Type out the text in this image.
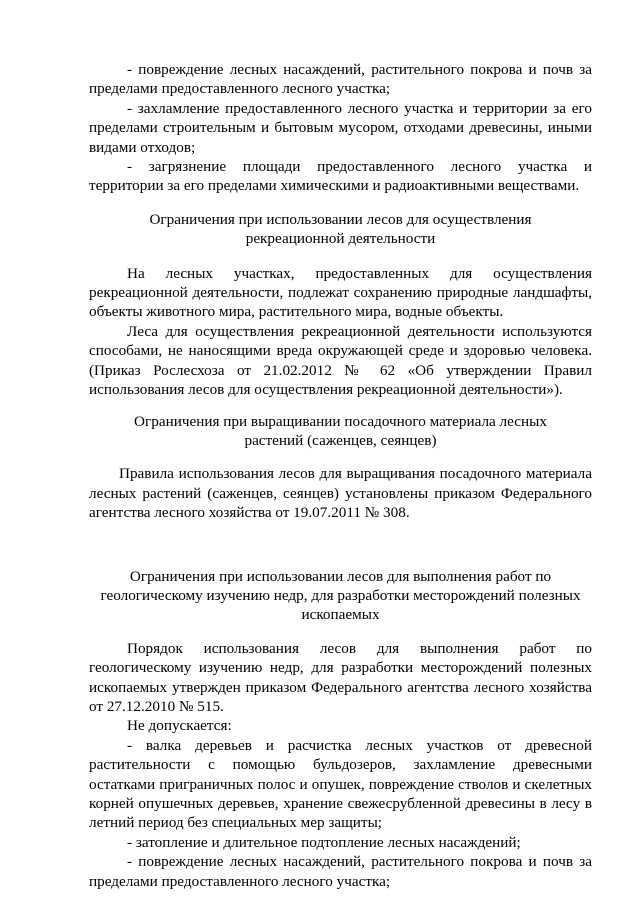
- повреждение лесных насаждений, растительного покрова и почв за пределами предоставленного лесного участка;

- захламление предоставленного лесного участка и территории за его пределами строительным и бытовым мусором, отходами древесины, иными видами отходов;

- загрязнение площади предоставленного лесного участка и территории за его пределами химическими и радиоактивными веществами.

Ограничения при использовании лесов для осуществления

рекреационной деятельности

На лесных участках, предоставленных для осуществления рекреационной деятельности, подлежат сохранению природные ландшафты, объекты животного мира, растительного мира, водные объекты.

Леса для осуществления рекреационной деятельности используются способами, не наносящими вреда окружающей среде и здоровью человека. (Приказ Рослесхоза от 21.02.2012 № 62 «Об утверждении Правил использования лесов для осуществления рекреационной деятельности»).

Ограничения при выращивании посадочного материала лесных

растений (саженцев, сеянцев)

Правила использования лесов для выращивания посадочного материала лесных растений (саженцев, сеянцев) установлены приказом Федерального агентства лесного хозяйства от 19.07.2011 № 308.

Ограничения при использовании лесов для выполнения работ по

геологическому изучению недр, для разработки месторождений полезных

ископаемых

Порядок использования лесов для выполнения работ по геологическому изучению недр, для разработки месторождений полезных ископаемых утвержден приказом Федерального агентства лесного хозяйства от 27.12.2010 № 515.

Не допускается:

- валка деревьев и расчистка лесных участков от древесной растительности с помощью бульдозеров, захламление древесными остатками приграничных полос и опушек, повреждение стволов и скелетных корней опушечных деревьев, хранение свежесрубленной древесины в лесу в летний период без специальных мер защиты;

- затопление и длительное подтопление лесных насаждений;

- повреждение лесных насаждений, растительного покрова и почв за пределами предоставленного лесного участка;
